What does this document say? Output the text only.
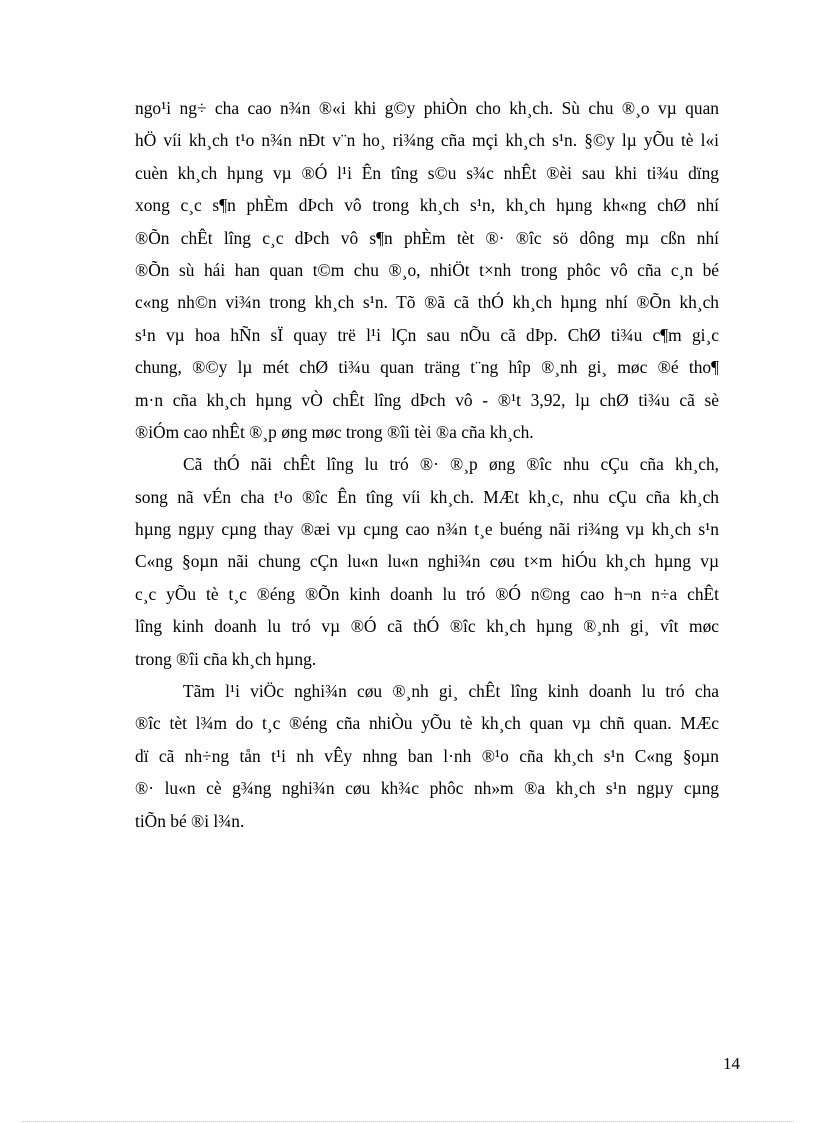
ngo¹i ng÷ cha cao n¾n ®«i khi g©y phiÒn cho kh¸ch. Sù chu ®¸o vµ quan
hÖ víi kh¸ch t¹o n¾n nÐt v¨n ho¸ ri¾ng cña mçi kh¸ch s¹n. §©y lµ yÕu tè l«i
cuèn kh¸ch hµng vµ ®Ó l¹i Ên tîng s©u s¾c nhÊt ®èi sau khi ti¾u dïng
xong c¸c s¶n phÈm dÞch vô trong kh¸ch s¹n, kh¸ch hµng kh«ng chØ nhí
®Õn chÊt lîng c¸c dÞch vô s¶n phÈm tèt ®· ®îc sö dông mµ cßn nhí
®Õn sù hái han quan t©m chu ®¸o, nhiÖt t×nh trong phôc vô cña c¸n bé
c«ng nh©n vi¾n trong kh¸ch s¹n. Tõ ®ã cã thÓ kh¸ch hµng nhí ®Õn kh¸ch
s¹n vµ hoa hÑn sÏ quay trë l¹i lÇn sau nÕu cã dÞp. ChØ ti¾u c¶m gi¸c
chung, ®©y lµ mét chØ ti¾u quan träng t¨ng hîp ®¸nh gi¸ møc ®é tho¶
m·n cña kh¸ch hµng vÒ chÊt lîng dÞch vô - ®¹t 3,92, lµ chØ ti¾u cã sè
®iÓm cao nhÊt ®¸p øng møc trong ®îi tèi ®a cña kh¸ch.
Cã thÓ nãi chÊt lîng lu tró ®· ®¸p øng ®îc nhu cÇu cña kh¸ch,
song nã vÉn cha t¹o ®îc Ên tîng víi kh¸ch. MÆt kh¸c, nhu cÇu cña kh¸ch
hµng ngµy cµng thay ®æi vµ cµng cao n¾n t¸e buéng nãi ri¾ng vµ kh¸ch s¹n
C«ng §oµn nãi chung cÇn lu«n lu«n nghi¾n cøu t×m hiÓu kh¸ch hµng vµ
c¸c yÕu tè t¸c ®éng ®Õn kinh doanh lu tró ®Ó n©ng cao h¬n n÷a chÊt
lîng kinh doanh lu tró vµ ®Ó cã thÓ ®îc kh¸ch hµng ®¸nh gi¸ vît møc
trong ®îi cña kh¸ch hµng.
Tãm l¹i viÖc nghi¾n cøu ®¸nh gi¸ chÊt lîng kinh doanh lu tró cha
®îc tèt l¾m do t¸c ®éng cña nhiÒu yÕu tè kh¸ch quan vµ chñ quan. MÆc
dï cã nh÷ng tån t¹i nh vÊy nhng ban l·nh ®¹o cña kh¸ch s¹n C«ng §oµn
®· lu«n cè g¾ng nghi¾n cøu kh¾c phôc nh»m ®a kh¸ch s¹n ngµy cµng
tiÕn bé ®i l¾n.
14
